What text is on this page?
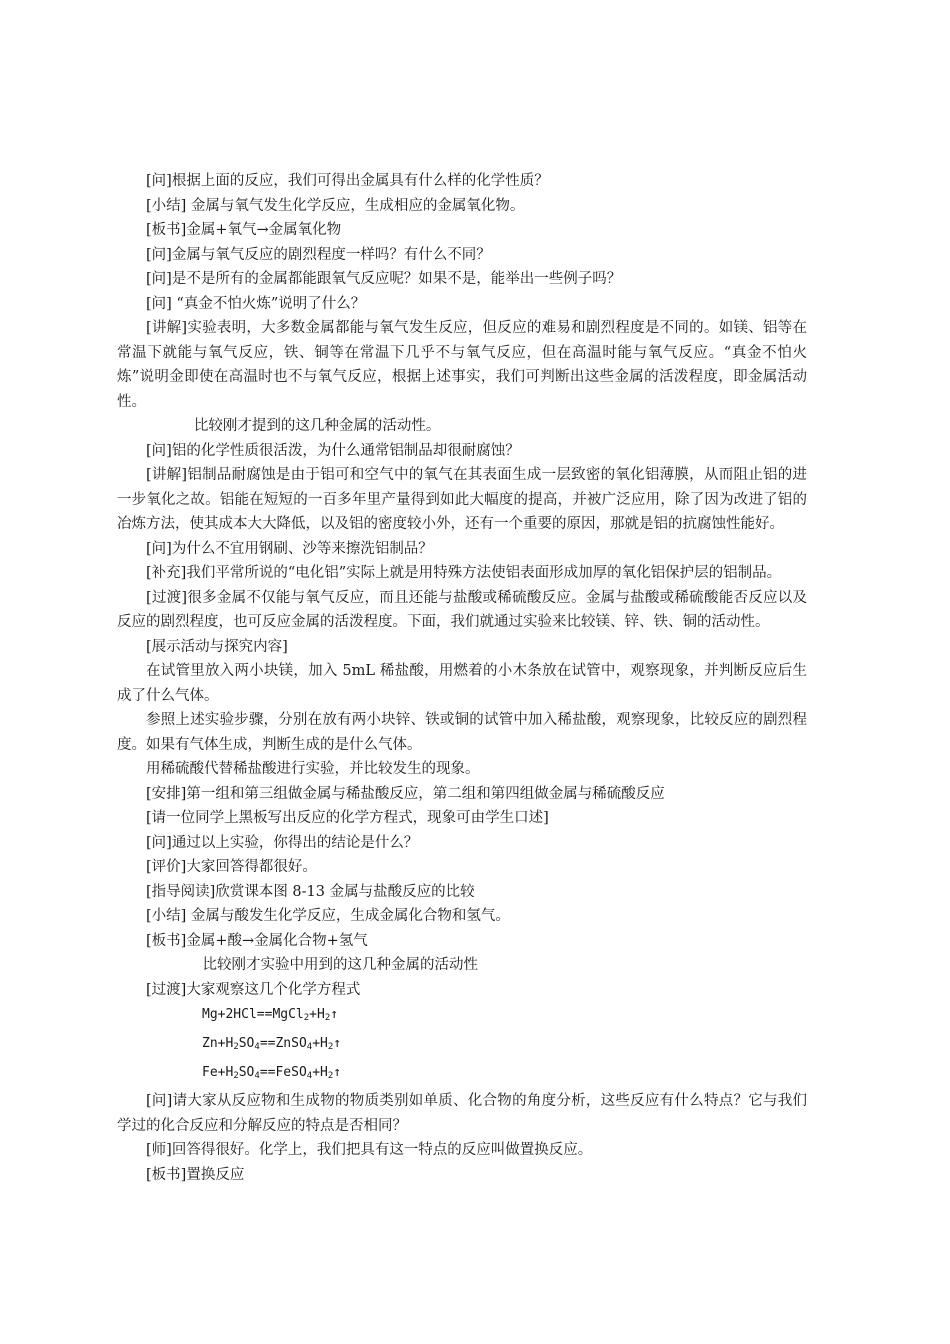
[问]根据上面的反应，我们可得出金属具有什么样的化学性质？

[小结] 金属与氧气发生化学反应，生成相应的金属氧化物。

[板书]金属+氧气→金属氧化物

[问]金属与氧气反应的剧烈程度一样吗？有什么不同？

[问]是不是所有的金属都能跟氧气反应呢？如果不是，能举出一些例子吗？

[问] “真金不怕火炼”说明了什么？

[讲解]实验表明，大多数金属都能与氧气发生反应，但反应的难易和剧烈程度是不同的。如镁、铝等在常温下就能与氧气反应，铁、铜等在常温下几乎不与氧气反应，但在高温时能与氧气反应。“真金不怕火炼”说明金即使在高温时也不与氧气反应，根据上述事实，我们可判断出这些金属的活泼程度，即金属活动性。

比较刚才提到的这几种金属的活动性。

[问]铝的化学性质很活泼，为什么通常铝制品却很耐腐蚀？

[讲解]铝制品耐腐蚀是由于铝可和空气中的氧气在其表面生成一层致密的氧化铝薄膜，从而阻止铝的进一步氧化之故。铝能在短短的一百多年里产量得到如此大幅度的提高，并被广泛应用，除了因为改进了铝的冶炼方法，使其成本大大降低，以及铝的密度较小外，还有一个重要的原因，那就是铝的抗腐蚀性能好。

[问]为什么不宜用钢刷、沙等来擦洗铝制品？

[补充]我们平常所说的“电化铝”实际上就是用特殊方法使铝表面形成加厚的氧化铝保护层的铝制品。

[过渡]很多金属不仅能与氧气反应，而且还能与盐酸或稀硫酸反应。金属与盐酸或稀硫酸能否反应以及反应的剧烈程度，也可反应金属的活泼程度。下面，我们就通过实验来比较镁、锌、铁、铜的活动性。

[展示活动与探究内容]

在试管里放入两小块镁，加入 5mL 稀盐酸，用燃着的小木条放在试管中，观察现象，并判断反应后生成了什么气体。

参照上述实验步骤，分别在放有两小块锌、铁或铜的试管中加入稀盐酸，观察现象，比较反应的剧烈程度。如果有气体生成，判断生成的是什么气体。

用稀硫酸代替稀盐酸进行实验，并比较发生的现象。

[安排]第一组和第三组做金属与稀盐酸反应，第二组和第四组做金属与稀硫酸反应

[请一位同学上黑板写出反应的化学方程式，现象可由学生口述]

[问]通过以上实验，你得出的结论是什么？

[评价]大家回答得都很好。

[指导阅读]欣赏课本图 8-13 金属与盐酸反应的比较

[小结] 金属与酸发生化学反应，生成金属化合物和氢气。

[板书]金属+酸→金属化合物+氢气

比较刚才实验中用到的这几种金属的活动性

[过渡]大家观察这几个化学方程式

$Mg+2HCl==MgCl_2+H_2↑$

$Zn+H_2SO_4==ZnSO_4+H_2↑$

$Fe+H_2SO_4==FeSO_4+H_2↑$

[问]请大家从反应物和生成物的物质类别如单质、化合物的角度分析，这些反应有什么特点？它与我们学过的化合反应和分解反应的特点是否相同？

[师]回答得很好。化学上，我们把具有这一特点的反应叫做置换反应。

[板书]置换反应
